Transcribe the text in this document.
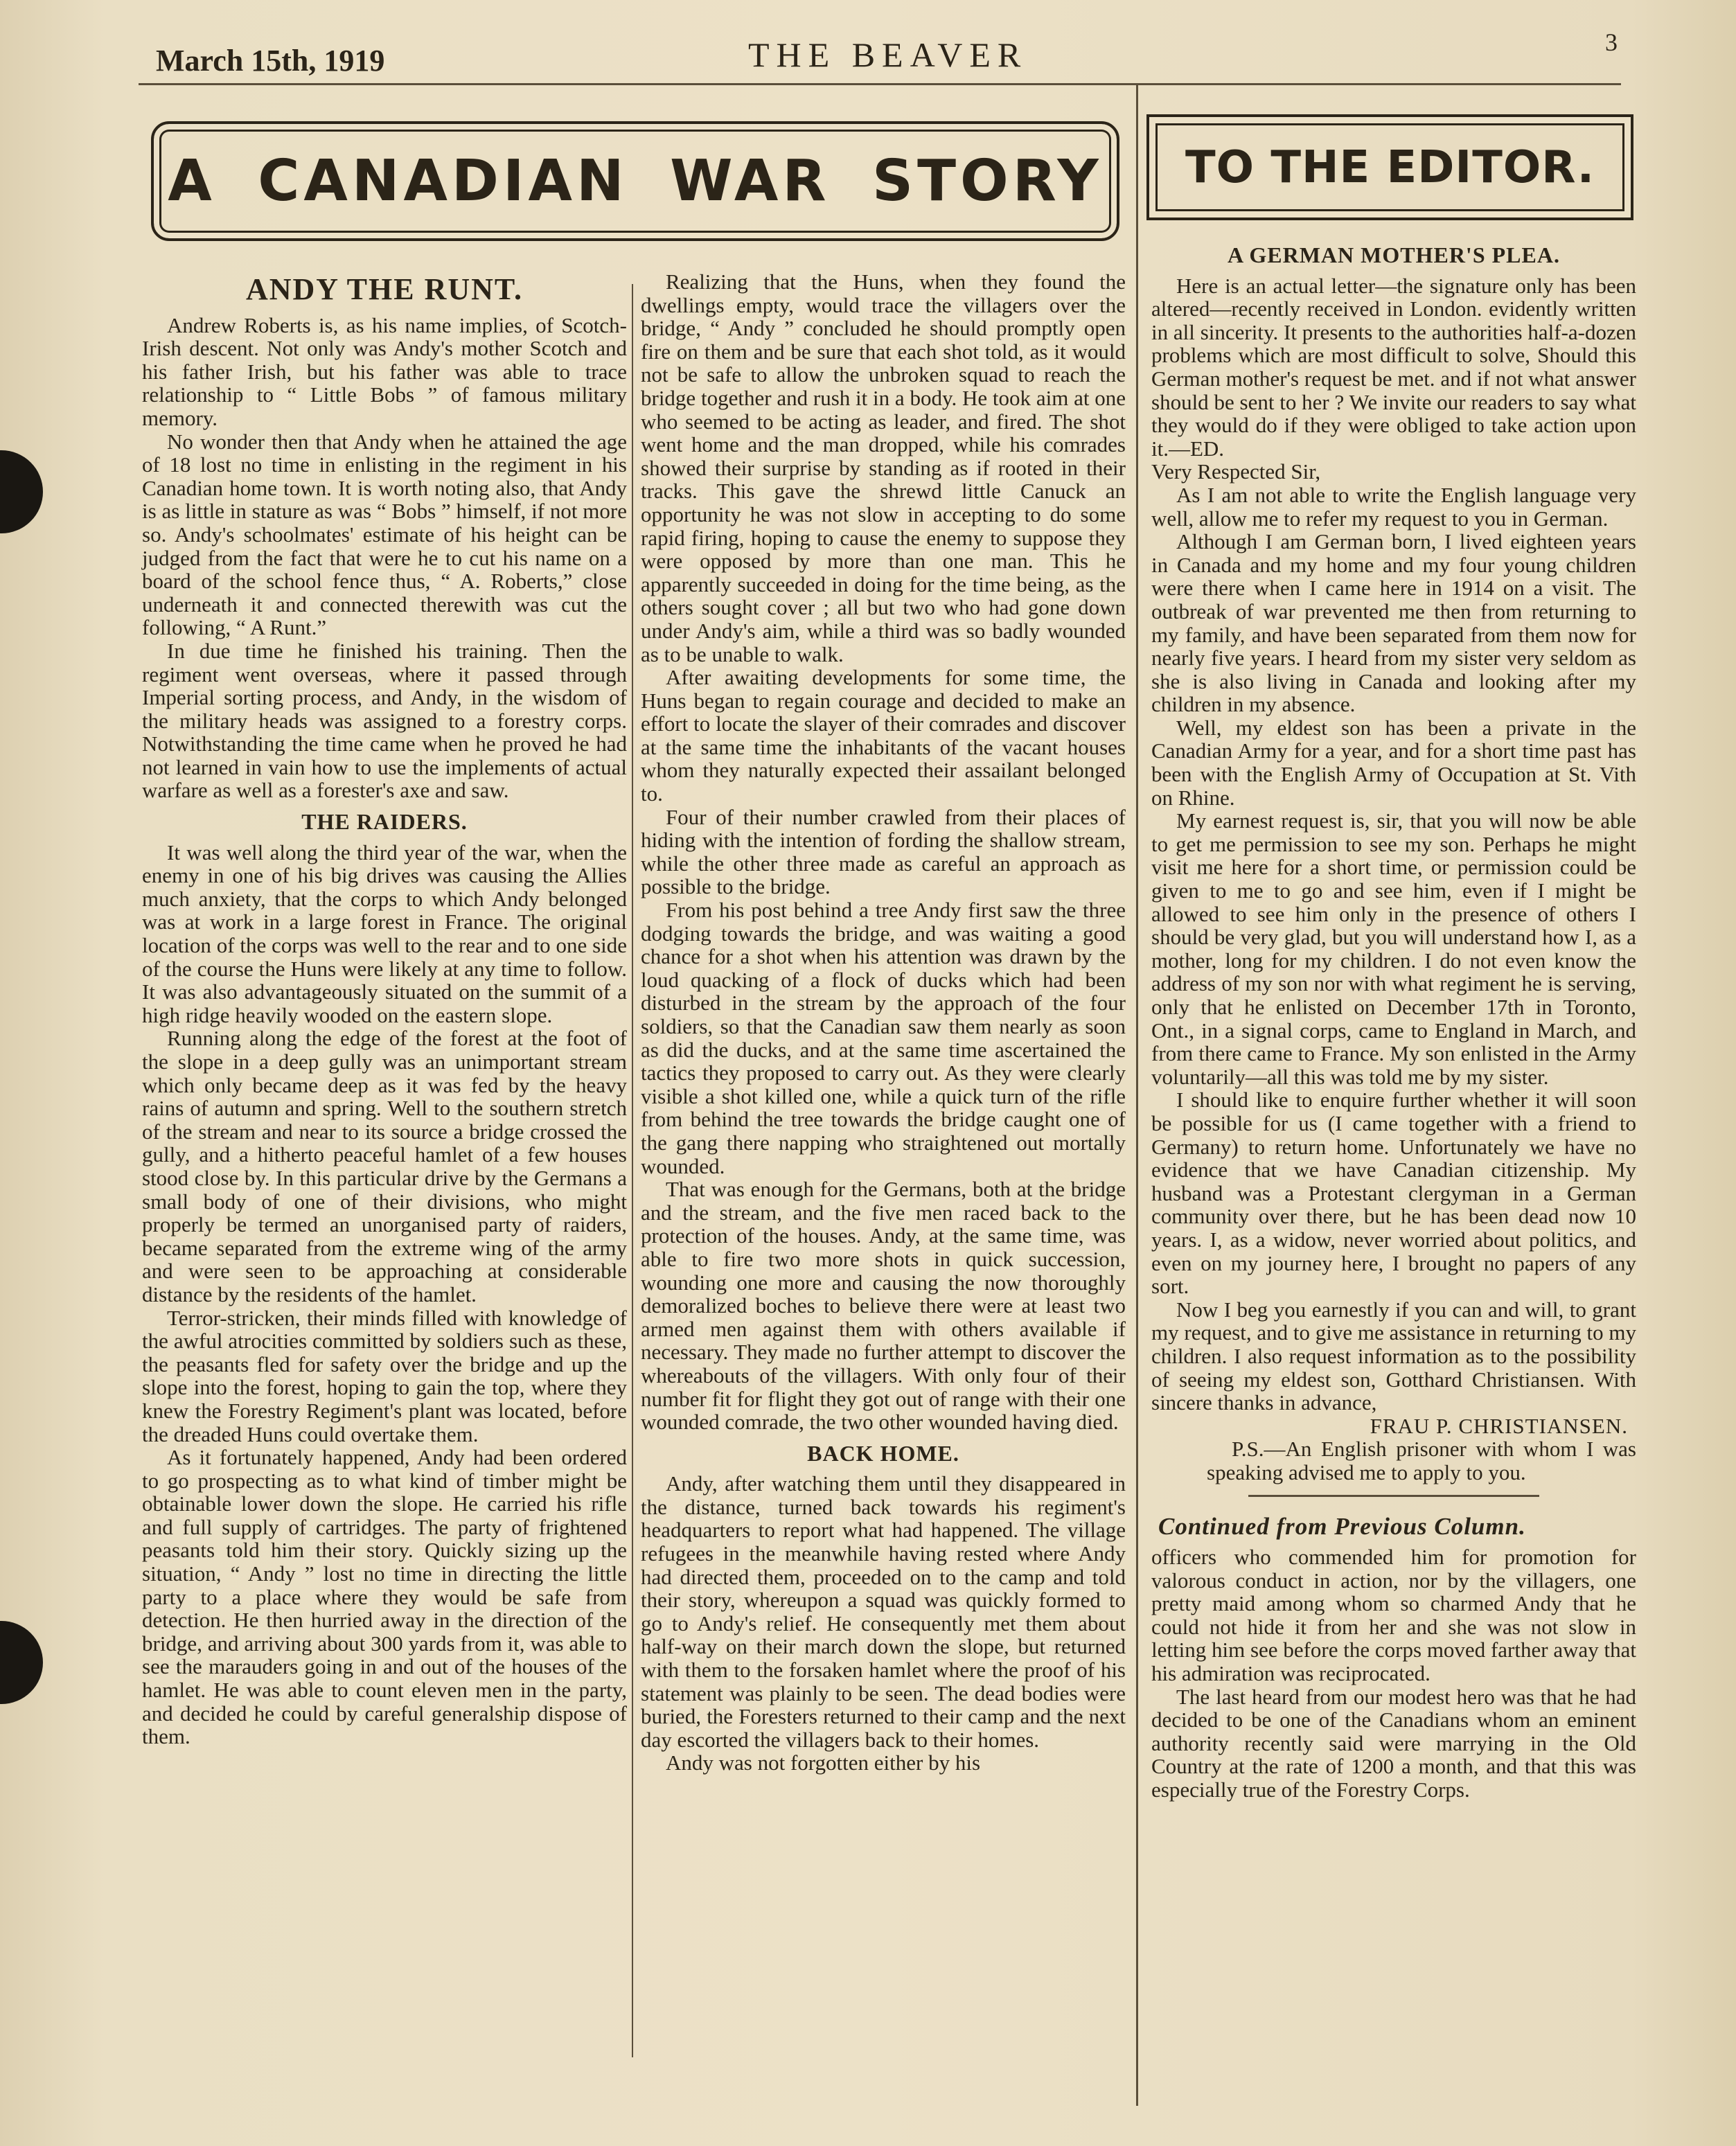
March 15th, 1919	THE BEAVER	3
A CANADIAN WAR STORY TO THE EDITOR.
ANDY THE RUNT.

Andrew Roberts is, as his name implies, of Scotch-Irish descent. Not only was Andy's mother Scotch and his father Irish, but his father was able to trace relationship to “ Little Bobs ” of famous military memory.

No wonder then that Andy when he attained the age of 18 lost no time in enlisting in the regiment in his Canadian home town. It is worth noting also, that Andy is as little in stature as was “ Bobs ” himself, if not more so. Andy's schoolmates' estimate of his height can be judged from the fact that were he to cut his name on a board of the school fence thus, “ A. Roberts,” close underneath it and connected therewith was cut the following, “ A Runt.”

In due time he finished his training. Then the regiment went overseas, where it passed through Imperial sorting process, and Andy, in the wisdom of the military heads was assigned to a forestry corps. Notwithstanding the time came when he proved he had not learned in vain how to use the implements of actual warfare as well as a forester's axe and saw.

THE RAIDERS.

It was well along the third year of the war, when the enemy in one of his big drives was causing the Allies much anxiety, that the corps to which Andy belonged was at work in a large forest in France. The original location of the corps was well to the rear and to one side of the course the Huns were likely at any time to follow. It was also advantageously situated on the summit of a high ridge heavily wooded on the eastern slope.

Running along the edge of the forest at the foot of the slope in a deep gully was an unimportant stream which only became deep as it was fed by the heavy rains of autumn and spring. Well to the southern stretch of the stream and near to its source a bridge crossed the gully, and a hitherto peaceful hamlet of a few houses stood close by. In this particular drive by the Germans a small body of one of their divisions, who might properly be termed an unorganised party of raiders, became separated from the extreme wing of the army and were seen to be approaching at considerable distance by the residents of the hamlet.

Terror-stricken, their minds filled with knowledge of the awful atrocities committed by soldiers such as these, the peasants fled for safety over the bridge and up the slope into the forest, hoping to gain the top, where they knew the Forestry Regiment's plant was located, before the dreaded Huns could overtake them.

As it fortunately happened, Andy had been ordered to go prospecting as to what kind of timber might be obtainable lower down the slope. He carried his rifle and full supply of cartridges. The party of frightened peasants told him their story. Quickly sizing up the situation, “ Andy ” lost no time in directing the little party to a place where they would be safe from detection. He then hurried away in the direction of the bridge, and arriving about 300 yards from it, was able to see the marauders going in and out of the houses of the hamlet. He was able to count eleven men in the party, and decided he could by careful generalship dispose of them.

Realizing that the Huns, when they found the dwellings empty, would trace the villagers over the bridge, “ Andy ” concluded he should promptly open fire on them and be sure that each shot told, as it would not be safe to allow the unbroken squad to reach the bridge together and rush it in a body. He took aim at one who seemed to be acting as leader, and fired. The shot went home and the man dropped, while his comrades showed their surprise by standing as if rooted in their tracks. This gave the shrewd little Canuck an opportunity he was not slow in accepting to do some rapid firing, hoping to cause the enemy to suppose they were opposed by more than one man. This he apparently succeeded in doing for the time being, as the others sought cover ; all but two who had gone down under Andy's aim, while a third was so badly wounded as to be unable to walk.

After awaiting developments for some time, the Huns began to regain courage and decided to make an effort to locate the slayer of their comrades and discover at the same time the inhabitants of the vacant houses whom they naturally expected their assailant belonged to.

Four of their number crawled from their places of hiding with the intention of fording the shallow stream, while the other three made as careful an approach as possible to the bridge.

From his post behind a tree Andy first saw the three dodging towards the bridge, and was waiting a good chance for a shot when his attention was drawn by the loud quacking of a flock of ducks which had been disturbed in the stream by the approach of the four soldiers, so that the Canadian saw them nearly as soon as did the ducks, and at the same time ascertained the tactics they proposed to carry out. As they were clearly visible a shot killed one, while a quick turn of the rifle from behind the tree towards the bridge caught one of the gang there napping who straightened out mortally wounded.

That was enough for the Germans, both at the bridge and the stream, and the five men raced back to the protection of the houses. Andy, at the same time, was able to fire two more shots in quick succession, wounding one more and causing the now thoroughly demoralized boches to believe there were at least two armed men against them with others available if necessary. They made no further attempt to discover the whereabouts of the villagers. With only four of their number fit for flight they got out of range with their one wounded comrade, the two other wounded having died.

BACK HOME.

Andy, after watching them until they disappeared in the distance, turned back towards his regiment's headquarters to report what had happened. The village refugees in the meanwhile having rested where Andy had directed them, proceeded on to the camp and told their story, whereupon a squad was quickly formed to go to Andy's relief. He consequently met them about half-way on their march down the slope, but returned with them to the forsaken hamlet where the proof of his statement was plainly to be seen. The dead bodies were buried, the Foresters returned to their camp and the next day escorted the villagers back to their homes.

Andy was not forgotten either by his

A GERMAN MOTHER'S PLEA.

Here is an actual letter—the signature only has been altered—recently received in London. evidently written in all sincerity. It presents to the authorities half-a-dozen problems which are most difficult to solve, Should this German mother's request be met. and if not what answer should be sent to her ? We invite our readers to say what they would do if they were obliged to take action upon it.—ED.

Very Respected Sir,

As I am not able to write the English language very well, allow me to refer my request to you in German.

Although I am German born, I lived eighteen years in Canada and my home and my four young children were there when I came here in 1914 on a visit. The outbreak of war prevented me then from returning to my family, and have been separated from them now for nearly five years. I heard from my sister very seldom as she is also living in Canada and looking after my children in my absence.

Well, my eldest son has been a private in the Canadian Army for a year, and for a short time past has been with the English Army of Occupation at St. Vith on Rhine.

My earnest request is, sir, that you will now be able to get me permission to see my son. Perhaps he might visit me here for a short time, or permission could be given to me to go and see him, even if I might be allowed to see him only in the presence of others I should be very glad, but you will understand how I, as a mother, long for my children. I do not even know the address of my son nor with what regiment he is serving, only that he enlisted on December 17th in Toronto, Ont., in a signal corps, came to England in March, and from there came to France. My son enlisted in the Army voluntarily—all this was told me by my sister.

I should like to enquire further whether it will soon be possible for us (I came together with a friend to Germany) to return home. Unfortunately we have no evidence that we have Canadian citizenship. My husband was a Protestant clergyman in a German community over there, but he has been dead now 10 years. I, as a widow, never worried about politics, and even on my journey here, I brought no papers of any sort.

Now I beg you earnestly if you can and will, to grant my request, and to give me assistance in returning to my children. I also request information as to the possibility of seeing my eldest son, Gotthard Christiansen. With sincere thanks in advance,

FRAU P. CHRISTIANSEN.

P.S.—An English prisoner with whom I was speaking advised me to apply to you.

Continued from Previous Column.

officers who commended him for promotion for valorous conduct in action, nor by the villagers, one pretty maid among whom so charmed Andy that he could not hide it from her and she was not slow in letting him see before the corps moved farther away that his admiration was reciprocated.

The last heard from our modest hero was that he had decided to be one of the Canadians whom an eminent authority recently said were marrying in the Old Country at the rate of 1200 a month, and that this was especially true of the Forestry Corps.
